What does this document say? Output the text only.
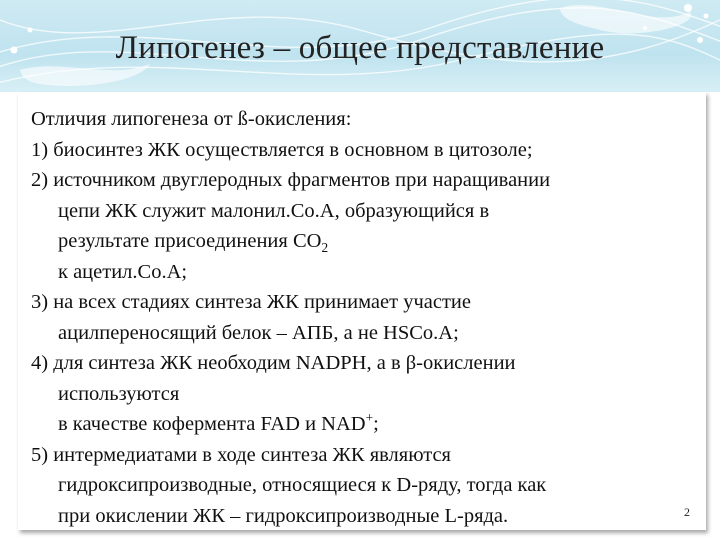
Липогенез – общее представление

Отличия липогенеза от ß-окисления:

1) биосинтез ЖК осуществляется в основном в цитозоле;

2) источником двуглеродных фрагментов при наращивании

цепи ЖК служит малонил.Co.A, образующийся в

результате присоединения $CO_2$

к ацетил.Co.A;

3) на всех стадиях синтеза ЖК принимает участие

ацилпереносящий белок – АПБ, а не HSCo.A;

4) для синтеза ЖК необходим NADPH, а в β-окислении

используются

в качестве кофермента FAD и NAD+;

5) интермедиатами в ходе синтеза ЖК являются

гидроксипроизводные, относящиеся к D-ряду, тогда как

при окислении ЖК – гидроксипроизводные L-ряда.	2
